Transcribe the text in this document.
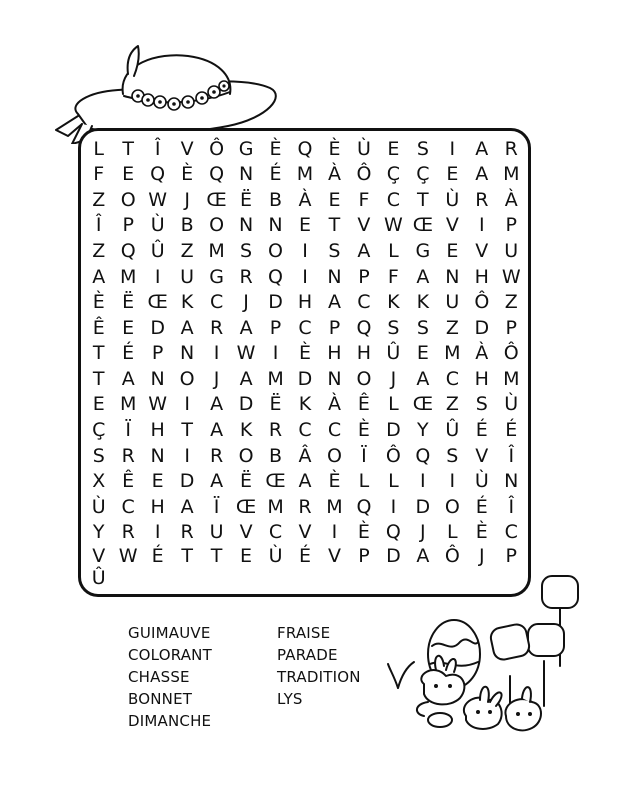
L T	Î	V Ô G È Q È Ù E S	I	A R
F E Q È Q N É M À Ô Ç Ç E A M
Z O W J Œ Ë B À E F C T Ù R À
Î	P Ù B O N N E T V W Œ V	I	P
Z Q Û Z M S O	I	S A L G E V U
A M I	U G R Q	I	N P F A N H W
È Ë Œ K C	J	D H A C K K U Ô Z
Ê E D A R A P C P Q S S Z D P
T É P N	I W I	È H H Û E M À Ô
T A N O	J	A M D N O	J	A C H M
E M W I	A D Ë K À Ê L Œ Z S Ù
Ç	Ï	H T A K R C C È D Y Û É É
S R N	I	R O B Â O	Ï	Ô Q S V	Î
X Ê E D A Ë Œ A È L L	I	I	Ù N
Ù C H A	Ï Œ M R M Q	I	D O É	Î
Y R	I	R U V C V	I	È Q	J	L È C
V W É T T E Ù É V P D A Ô	J	P
Û
GUIMAUVE
COLORANT
CHASSE
BONNET
DIMANCHE
FRAISE
PARADE
TRADITION
LYS
